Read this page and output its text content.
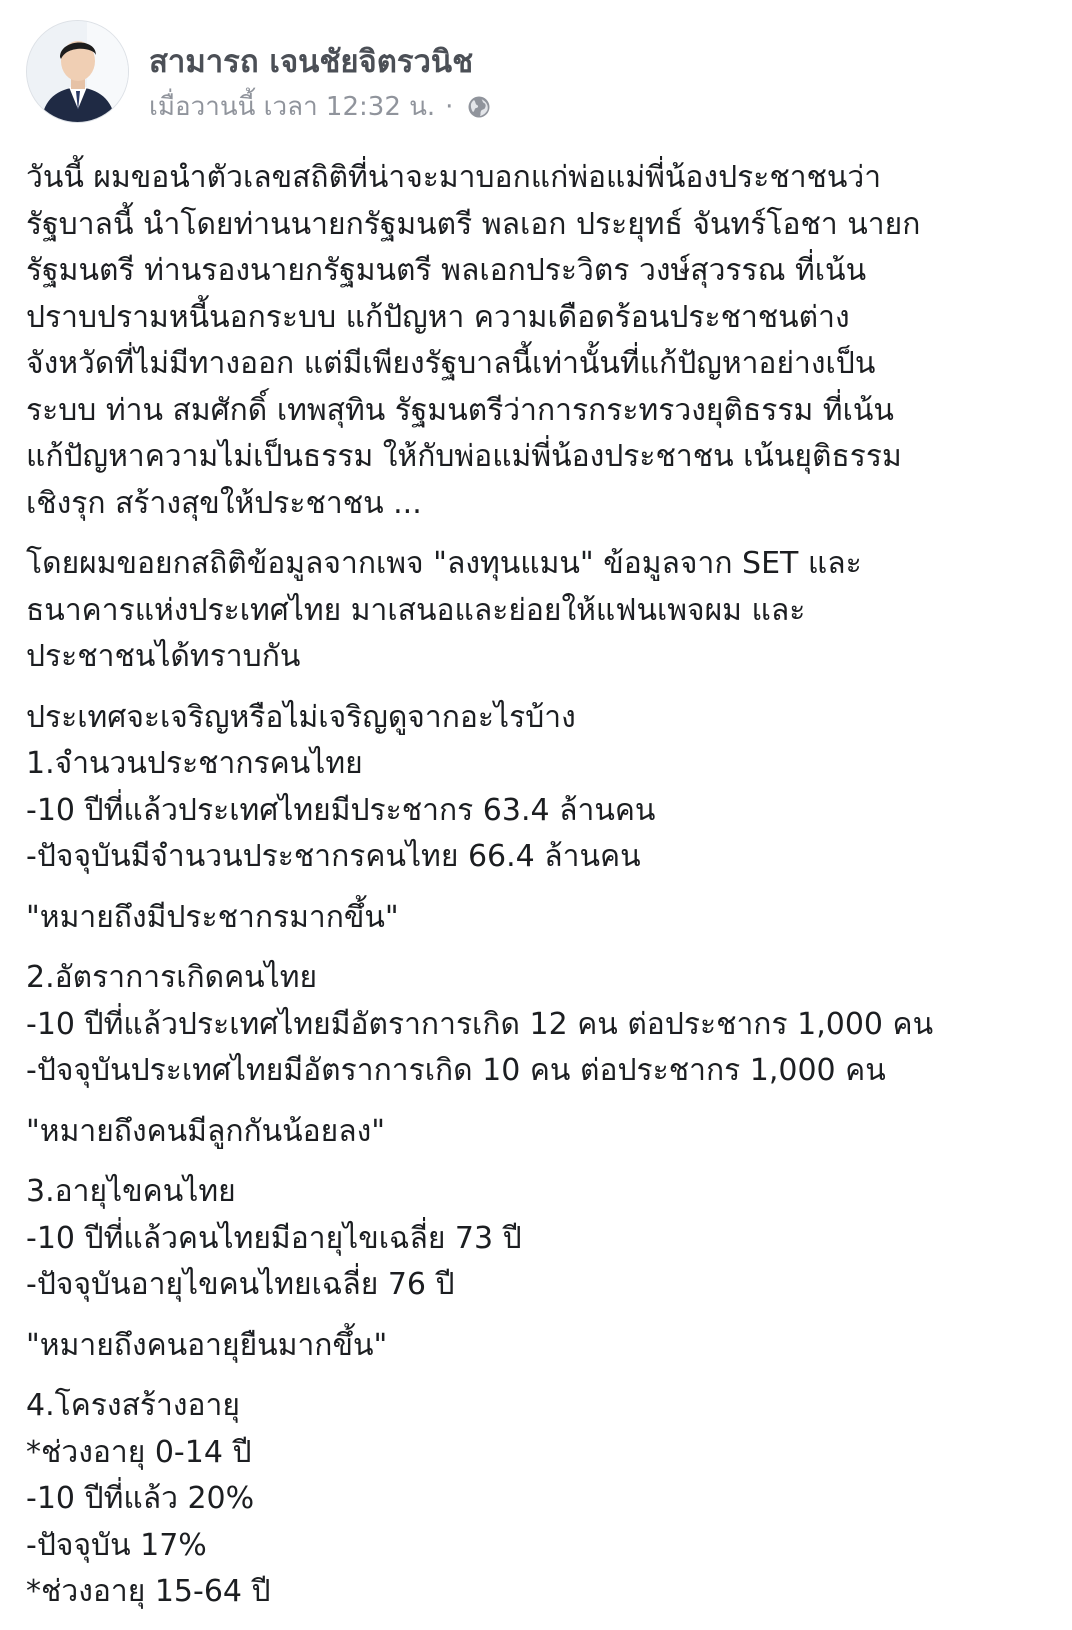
สามารถ เจนชัยจิตรวนิช
เมื่อวานนี้ เวลา 12:32 น. ·
วันนี้ ผมขอนำตัวเลขสถิติที่น่าจะมาบอกแก่พ่อแม่พี่น้องประชาชนว่า
รัฐบาลนี้ นำโดยท่านนายกรัฐมนตรี พลเอก ประยุทธ์ จันทร์โอชา นายก
รัฐมนตรี ท่านรองนายกรัฐมนตรี พลเอกประวิตร วงษ์สุวรรณ ที่เน้น
ปราบปรามหนี้นอกระบบ แก้ปัญหา ความเดือดร้อนประชาชนต่าง
จังหวัดที่ไม่มีทางออก แต่มีเพียงรัฐบาลนี้เท่านั้นที่แก้ปัญหาอย่างเป็น
ระบบ ท่าน สมศักดิ์ เทพสุทิน รัฐมนตรีว่าการกระทรวงยุติธรรม ที่เน้น
แก้ปัญหาความไม่เป็นธรรม ให้กับพ่อแม่พี่น้องประชาชน เน้นยุติธรรม
เชิงรุก สร้างสุขให้ประชาชน ...
โดยผมขอยกสถิติข้อมูลจากเพจ "ลงทุนแมน" ข้อมูลจาก SET และ
ธนาคารแห่งประเทศไทย มาเสนอและย่อยให้แฟนเพจผม และ
ประชาชนได้ทราบกัน
ประเทศจะเจริญหรือไม่เจริญดูจากอะไรบ้าง
1.จำนวนประชากรคนไทย
-10 ปีที่แล้วประเทศไทยมีประชากร 63.4 ล้านคน
-ปัจจุบันมีจำนวนประชากรคนไทย 66.4 ล้านคน
"หมายถึงมีประชากรมากขึ้น"
2.อัตราการเกิดคนไทย
-10 ปีที่แล้วประเทศไทยมีอัตราการเกิด 12 คน ต่อประชากร 1,000 คน
-ปัจจุบันประเทศไทยมีอัตราการเกิด 10 คน ต่อประชากร 1,000 คน
"หมายถึงคนมีลูกกันน้อยลง"
3.อายุไขคนไทย
-10 ปีที่แล้วคนไทยมีอายุไขเฉลี่ย 73 ปี
-ปัจจุบันอายุไขคนไทยเฉลี่ย 76 ปี
"หมายถึงคนอายุยืนมากขึ้น"
4.โครงสร้างอายุ
*ช่วงอายุ 0-14 ปี
-10 ปีที่แล้ว 20%
-ปัจจุบัน 17%
*ช่วงอายุ 15-64 ปี
